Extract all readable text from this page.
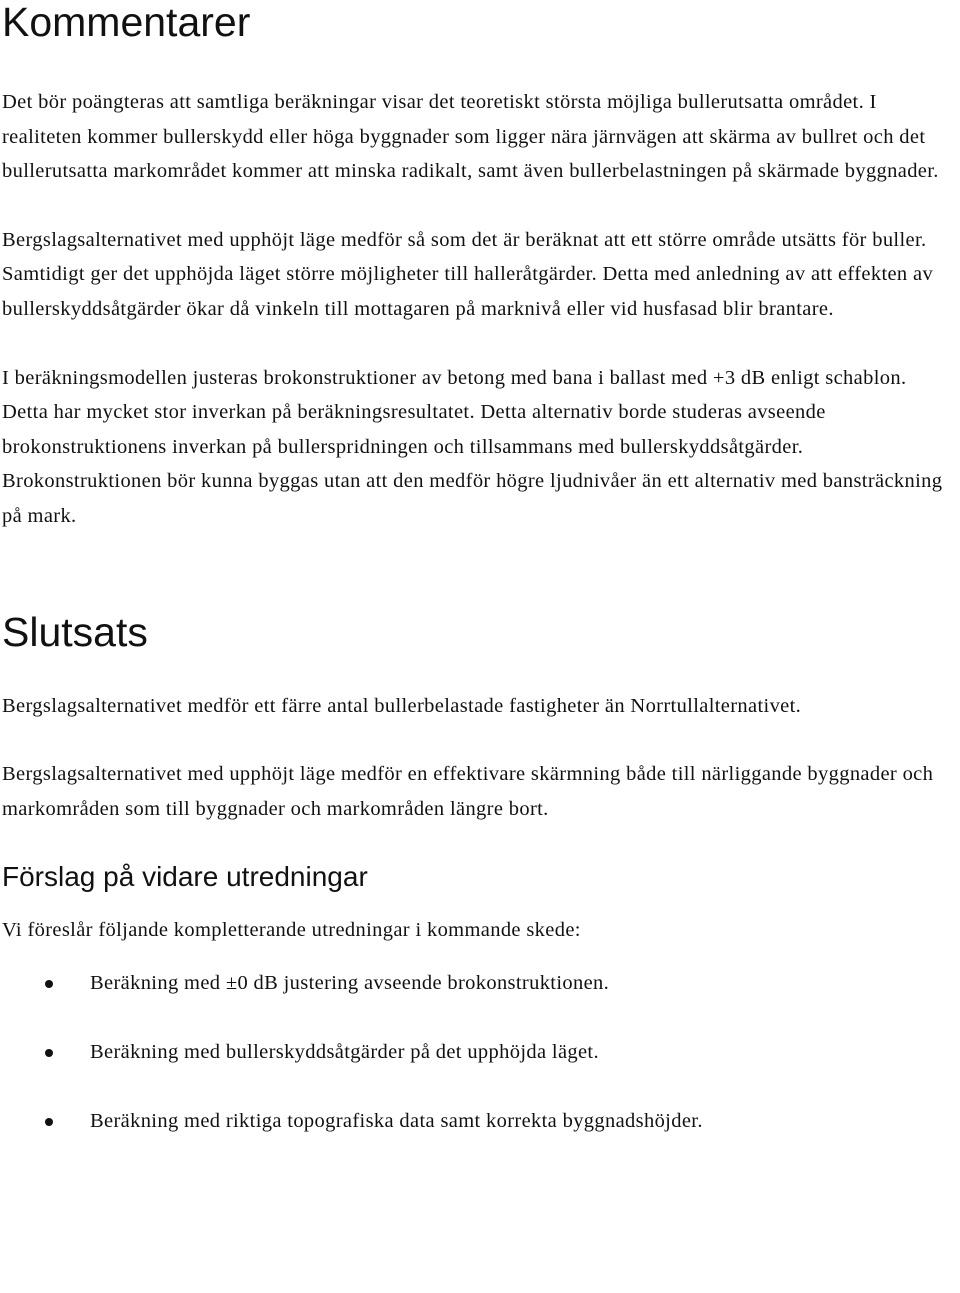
Kommentarer

Det bör poängteras att samtliga beräkningar visar det teoretiskt största möjliga bullerutsatta området. I realiteten kommer bullerskydd eller höga byggnader som ligger nära järnvägen att skärma av bullret och det bullerutsatta markområdet kommer att minska radikalt, samt även bullerbelastningen på skärmade byggnader.

Bergslagsalternativet med upphöjt läge medför så som det är beräknat att ett större område utsätts för buller. Samtidigt ger det upphöjda läget större möjligheter till halleråtgärder. Detta med anledning av att effekten av bullerskyddsåtgärder ökar då vinkeln till mottagaren på marknivå eller vid husfasad blir brantare.

I beräkningsmodellen justeras brokonstruktioner av betong med bana i ballast med +3 dB enligt schablon. Detta har mycket stor inverkan på beräkningsresultatet. Detta alternativ borde studeras avseende brokonstruktionens inverkan på bullerspridningen och tillsammans med bullerskyddsåtgärder. Brokonstruktionen bör kunna byggas utan att den medför högre ljudnivåer än ett alternativ med bansträckning på mark.

Slutsats

Bergslagsalternativet medför ett färre antal bullerbelastade fastigheter än Norrtullalternativet.

Bergslagsalternativet med upphöjt läge medför en effektivare skärmning både till närliggande byggnader och markområden som till byggnader och markområden längre bort.

Förslag på vidare utredningar

Vi föreslår följande kompletterande utredningar i kommande skede:

Beräkning med ±0 dB justering avseende brokonstruktionen.
Beräkning med bullerskyddsåtgärder på det upphöjda läget.
Beräkning med riktiga topografiska data samt korrekta byggnadshöjder.
